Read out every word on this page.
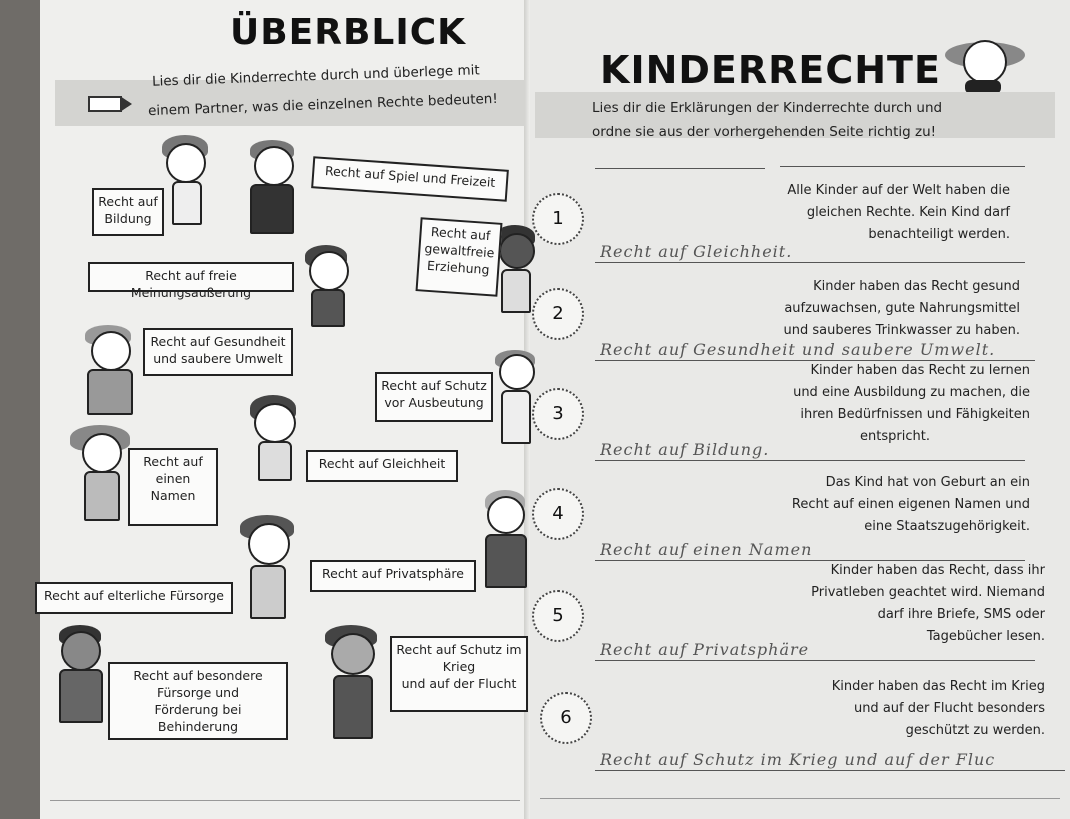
ÜBERBLICK
Lies dir die Kinderrechte durch und überlege mit
einem Partner, was die einzelnen Rechte bedeuten!
Recht auf
Bildung
Recht auf Spiel und Freizeit
Recht auf freie Meinungsaußerung
Recht auf
gewaltfreie
Erziehung
Recht auf Gesundheit
und saubere Umwelt
Recht auf Schutz
vor Ausbeutung
Recht auf
einen
Namen
Recht auf Gleichheit
Recht auf Privatsphäre
Recht auf elterliche Fürsorge
Recht auf Schutz im
Krieg
und auf der Flucht
Recht auf besondere
Fürsorge und
Förderung bei Behinderung
KINDERRECHTE
Lies dir die Erklärungen der Kinderrechte durch und
ordne sie aus der vorhergehenden Seite richtig zu!
1
Alle Kinder auf der Welt haben die
gleichen Rechte. Kein Kind darf
benachteiligt werden.
Recht auf Gleichheit.
2
Kinder haben das Recht gesund
aufzuwachsen, gute Nahrungsmittel
und sauberes Trinkwasser zu haben.
Recht auf Gesundheit und saubere Umwelt.
3
Kinder haben das Recht zu lernen
und eine Ausbildung zu machen, die
ihren Bedürfnissen und Fähigkeiten
entspricht.
Recht auf Bildung.
4
Das Kind hat von Geburt an ein
Recht auf einen eigenen Namen und
eine Staatszugehörigkeit.
Recht auf einen Namen
5
Kinder haben das Recht, dass ihr
Privatleben geachtet wird. Niemand
darf ihre Briefe, SMS oder
Tagebücher lesen.
Recht auf Privatsphäre
6
Kinder haben das Recht im Krieg
und auf der Flucht besonders
geschützt zu werden.
Recht auf Schutz im Krieg und auf der Fluc
